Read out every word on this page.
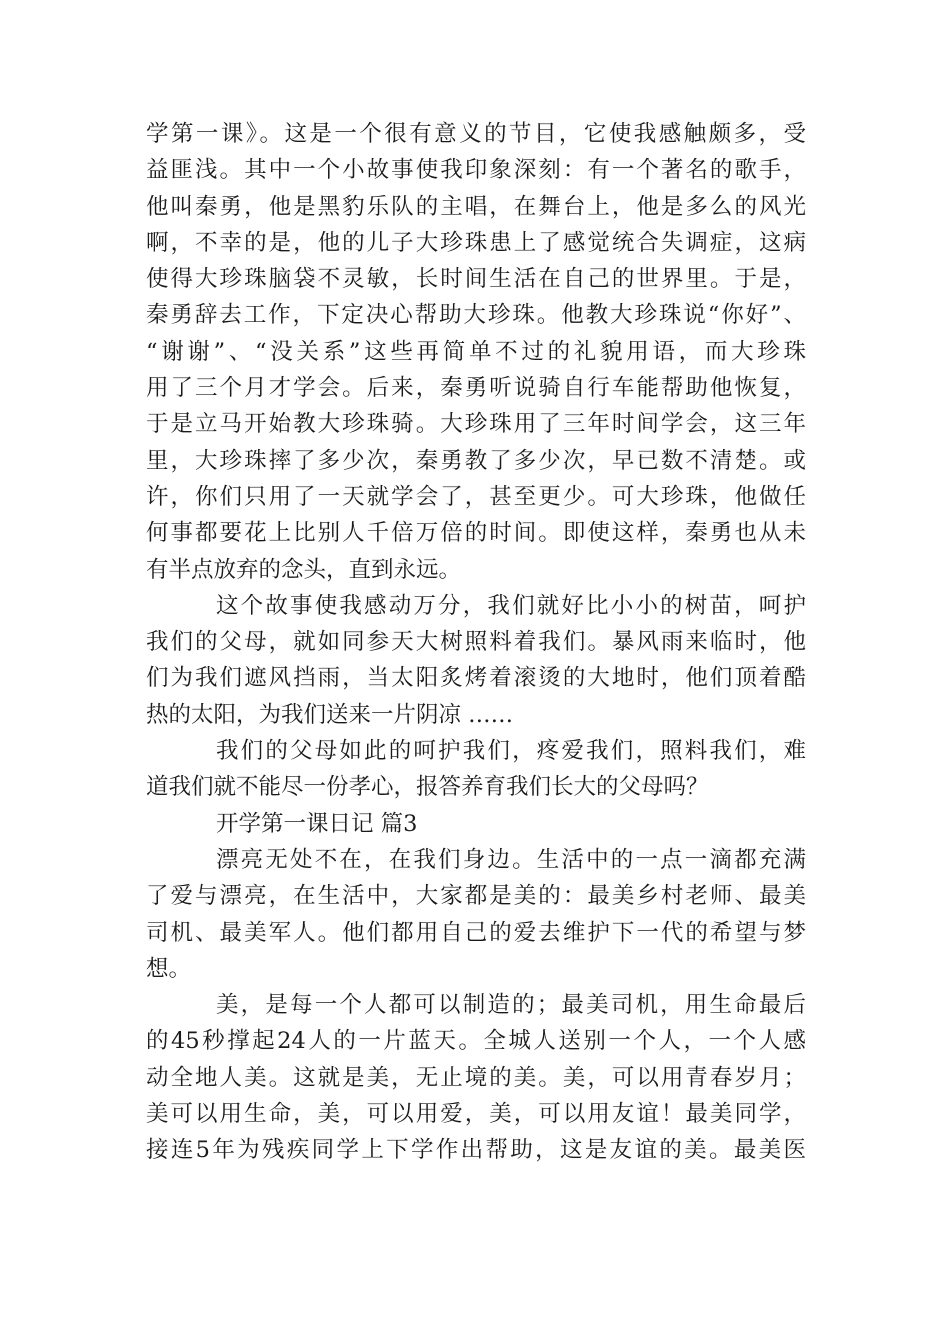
学第一课》。这是一个很有意义的节目，它使我感触颇多，受
益匪浅。其中一个小故事使我印象深刻：有一个著名的歌手，
他叫秦勇，他是黑豹乐队的主唱，在舞台上，他是多么的风光
啊，不幸的是，他的儿子大珍珠患上了感觉统合失调症，这病
使得大珍珠脑袋不灵敏，长时间生活在自己的世界里。于是，
秦勇辞去工作，下定决心帮助大珍珠。他教大珍珠说“你好”、
“谢谢”、“没关系”这些再简单不过的礼貌用语，而大珍珠
用了三个月才学会。后来，秦勇听说骑自行车能帮助他恢复，
于是立马开始教大珍珠骑。大珍珠用了三年时间学会，这三年
里，大珍珠摔了多少次，秦勇教了多少次，早已数不清楚。或
许，你们只用了一天就学会了，甚至更少。可大珍珠，他做任
何事都要花上比别人千倍万倍的时间。即使这样，秦勇也从未
有半点放弃的念头，直到永远。
这个故事使我感动万分，我们就好比小小的树苗，呵护
我们的父母，就如同参天大树照料着我们。暴风雨来临时，他
们为我们遮风挡雨，当太阳炙烤着滚烫的大地时，他们顶着酷
热的太阳，为我们送来一片阴凉 ……
我们的父母如此的呵护我们，疼爱我们，照料我们，难
道我们就不能尽一份孝心，报答养育我们长大的父母吗？
开学第一课日记 篇3
漂亮无处不在，在我们身边。生活中的一点一滴都充满
了爱与漂亮，在生活中，大家都是美的：最美乡村老师、最美
司机、最美军人。他们都用自己的爱去维护下一代的希望与梦
想。
美，是每一个人都可以制造的；最美司机，用生命最后
的45秒撑起24人的一片蓝天。全城人送别一个人，一个人感
动全地人美。这就是美，无止境的美。美，可以用青春岁月；
美可以用生命，美，可以用爱，美，可以用友谊！最美同学，
接连5年为残疾同学上下学作出帮助，这是友谊的美。最美医
